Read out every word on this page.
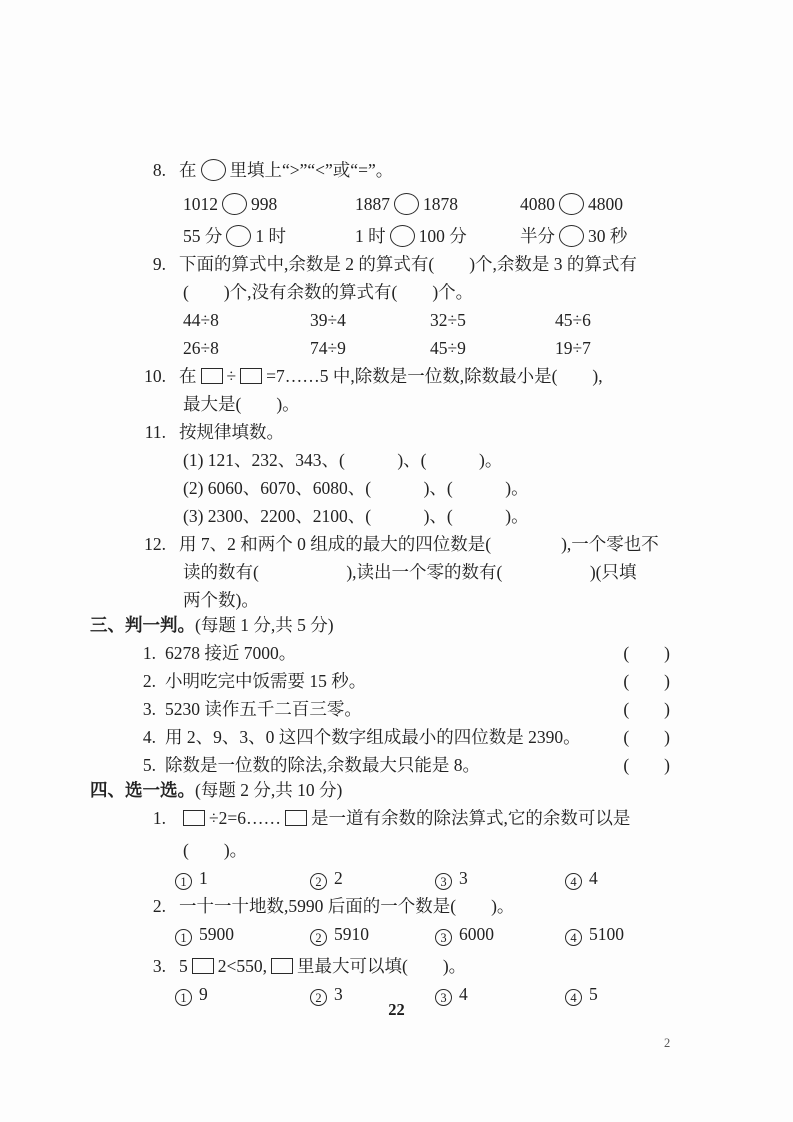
8. 在 里填上“>”“<”或“=”。
1012 998	1887 1878	4080 4800
55 分 1 时	1 时 100 分	半分 30 秒
9. 下面的算式中,余数是 2 的算式有(　　)个,余数是 3 的算式有
(　　)个,没有余数的算式有(　　)个。
44÷8	39÷4	32÷5	45÷6
26÷8	74÷9	45÷9	19÷7
10. 在 ÷ =7……5 中,除数是一位数,除数最小是(　　),
最大是(　　)。
11. 按规律填数。
(1) 121、232、343、(　　　)、(　　　)。
(2) 6060、6070、6080、(　　　)、(　　　)。
(3) 2300、2200、2100、(　　　)、(　　　)。
12. 用 7、2 和两个 0 组成的最大的四位数是(　　　　),一个零也不
读的数有(　　　　　),读出一个零的数有(　　　　　)(只填
两个数)。
三、判一判。(每题 1 分,共 5 分)
1. 6278 接近 7000。	(　　)
2. 小明吃完中饭需要 15 秒。	(　　)
3. 5230 读作五千二百三零。	(　　)
4. 用 2、9、3、0 这四个数字组成最小的四位数是 2390。 (　　)
5. 除数是一位数的除法,余数最大只能是 8。	(　　)
四、选一选。(每题 2 分,共 10 分)
1. ÷2=6…… 是一道有余数的除法算式,它的余数可以是
(　　)。
1 1	2 2	3 3	4 4
2. 一十一十地数,5990 后面的一个数是(　　)。
1 5900	2 5910	3 6000	4 5100
3. 5 2<550, 里最大可以填(　　)。
1 9	2 3	3 4	4 5
22
2
